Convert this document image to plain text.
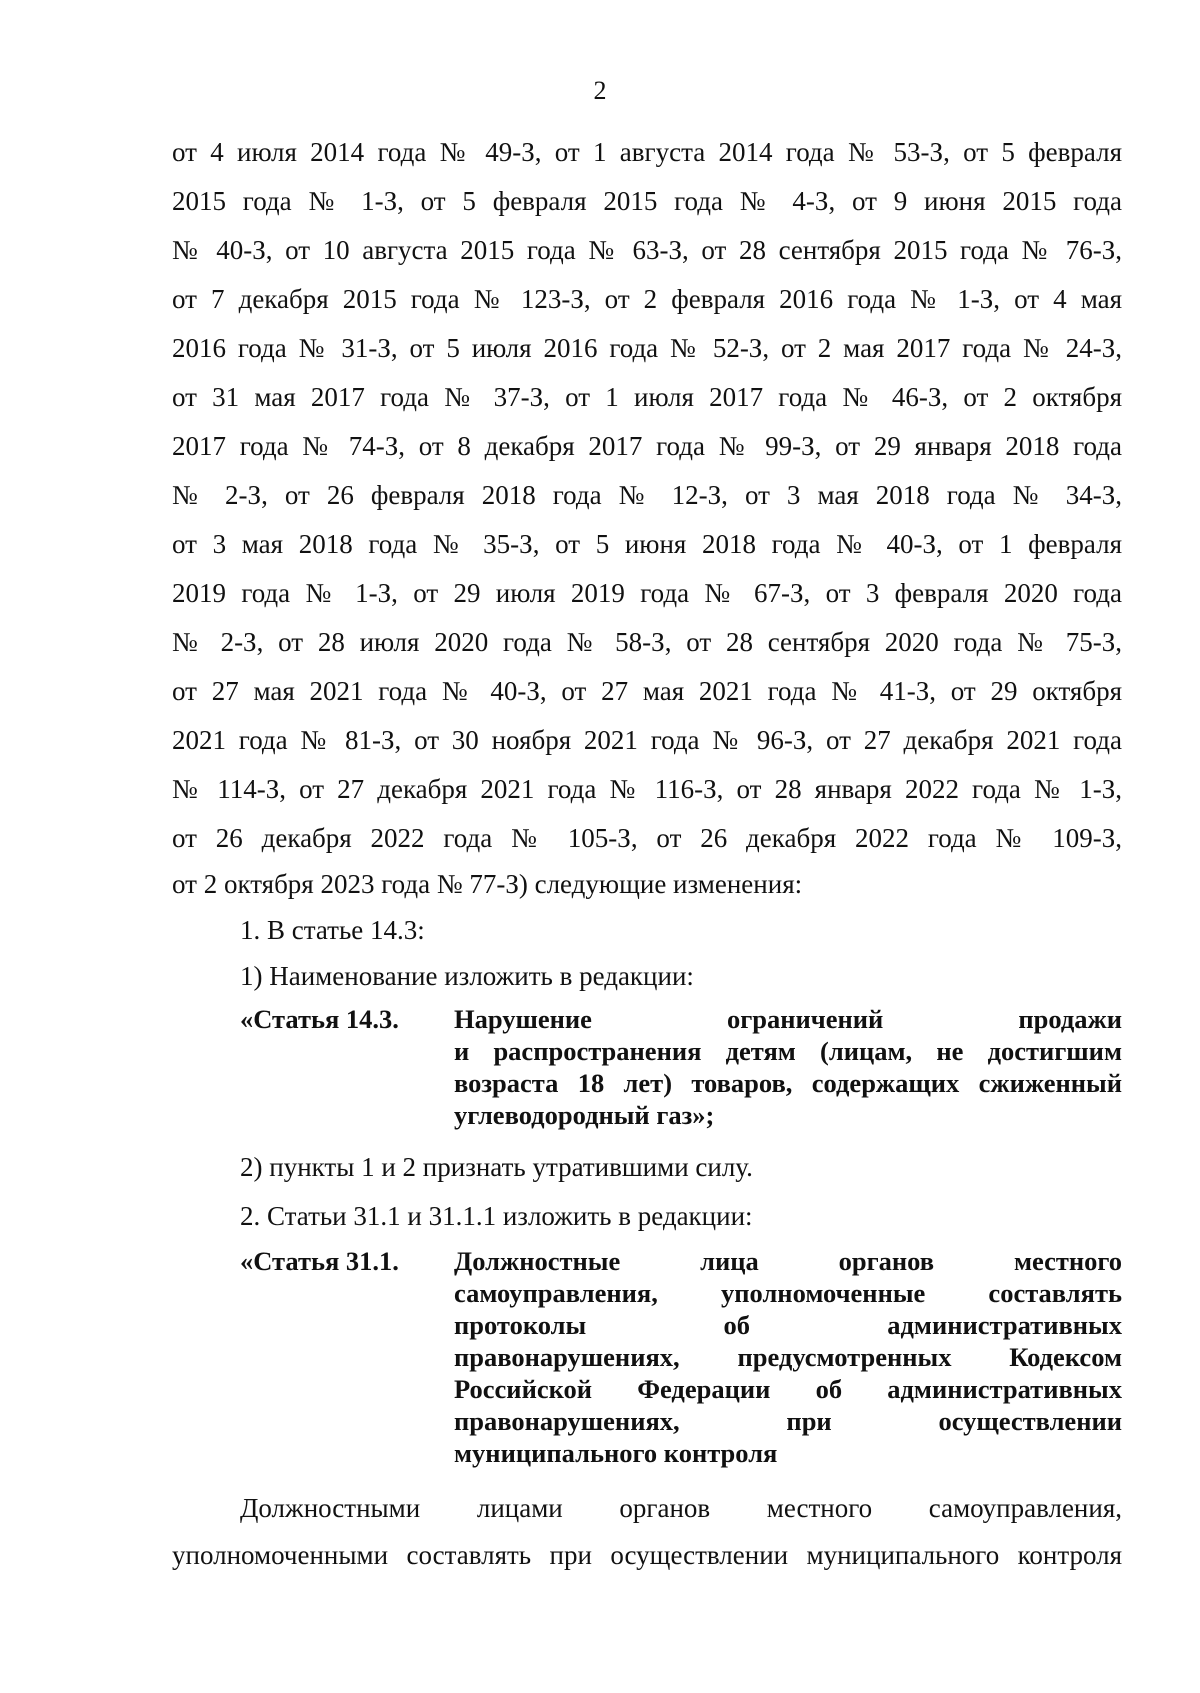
2
от 4 июля 2014 года № 49-З, от 1 августа 2014 года № 53-З, от 5 февраля
2015 года № 1-З, от 5 февраля 2015 года № 4-З, от 9 июня 2015 года
№ 40-З, от 10 августа 2015 года № 63-З, от 28 сентября 2015 года № 76-З,
от 7 декабря 2015 года № 123-З, от 2 февраля 2016 года № 1-З, от 4 мая
2016 года № 31-З, от 5 июля 2016 года № 52-З, от 2 мая 2017 года № 24-З,
от 31 мая 2017 года № 37-З, от 1 июля 2017 года № 46-З, от 2 октября
2017 года № 74-З, от 8 декабря 2017 года № 99-З, от 29 января 2018 года
№ 2-З, от 26 февраля 2018 года № 12-З, от 3 мая 2018 года № 34-З,
от 3 мая 2018 года № 35-З, от 5 июня 2018 года № 40-З, от 1 февраля
2019 года № 1-З, от 29 июля 2019 года № 67-З, от 3 февраля 2020 года
№ 2-З, от 28 июля 2020 года № 58-З, от 28 сентября 2020 года № 75-З,
от 27 мая 2021 года № 40-З, от 27 мая 2021 года № 41-З, от 29 октября
2021 года № 81-З, от 30 ноября 2021 года № 96-З, от 27 декабря 2021 года
№ 114-З, от 27 декабря 2021 года № 116-З, от 28 января 2022 года № 1-З,
от 26 декабря 2022 года № 105-З, от 26 декабря 2022 года № 109-З,
от 2 октября 2023 года № 77-З) следующие изменения:
1. В статье 14.3:
1) Наименование изложить в редакции:
«Статья 14.3. Нарушение ограничений продажи
и распространения детям (лицам, не достигшим
возраста 18 лет) товаров, содержащих сжиженный
углеводородный газ»;
2) пункты 1 и 2 признать утратившими силу.
2. Статьи 31.1 и 31.1.1 изложить в редакции:
«Статья 31.1. Должностные лица органов местного
самоуправления, уполномоченные составлять
протоколы об административных
правонарушениях, предусмотренных Кодексом
Российской Федерации об административных
правонарушениях, при осуществлении
муниципального контроля
Должностными лицами органов местного самоуправления,
уполномоченными составлять при осуществлении муниципального контроля
